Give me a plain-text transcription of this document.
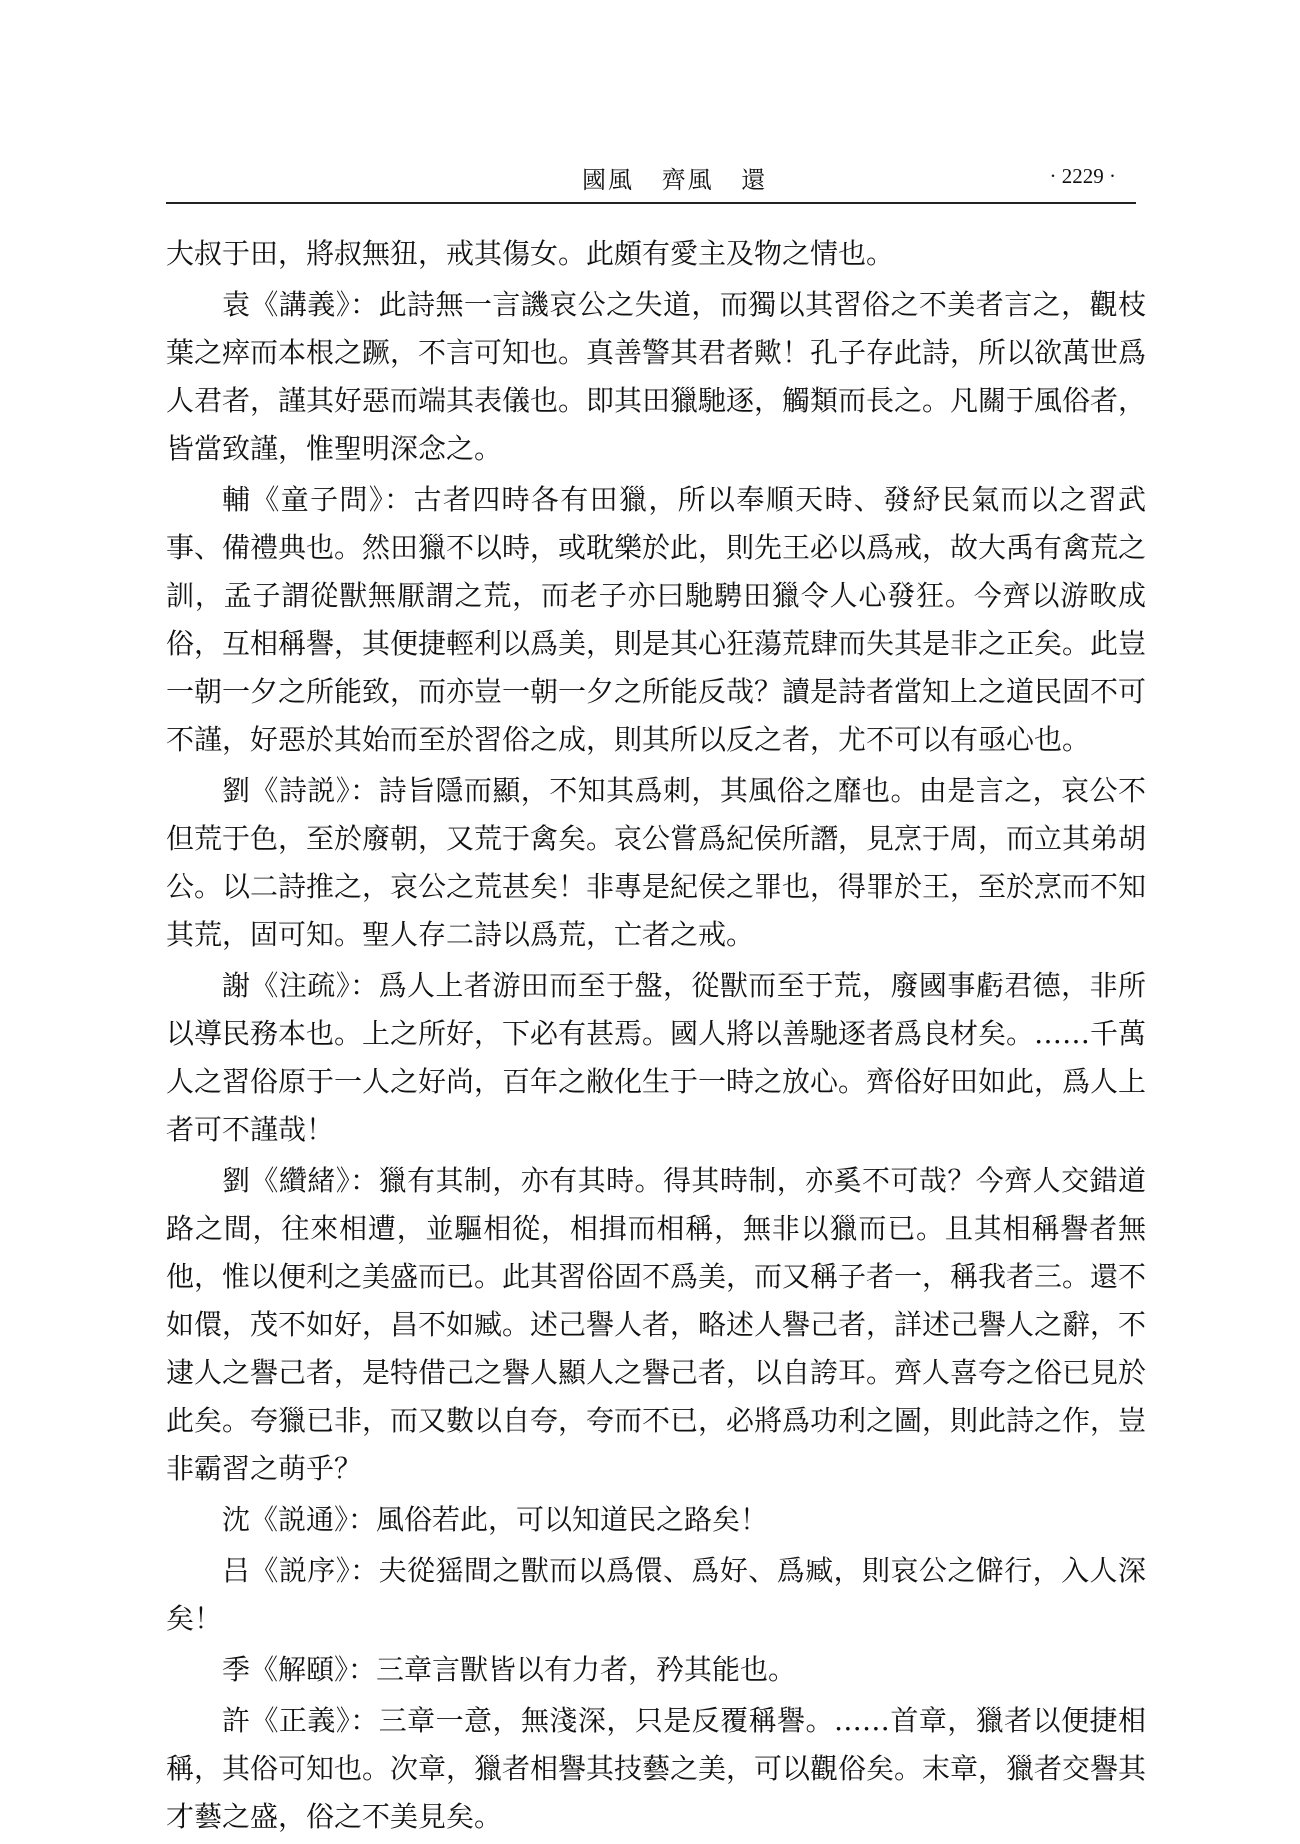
國風 齊風 還	· 2229 ·

大叔于田，將叔無狃，戒其傷女。此頗有愛主及物之情也。

袁《講義》：此詩無一言譏哀公之失道，而獨以其習俗之不美者言之，觀枝葉之瘁而本根之蹶，不言可知也。真善警其君者歟！孔子存此詩，所以欲萬世爲人君者，謹其好惡而端其表儀也。即其田獵馳逐，觸類而長之。凡關于風俗者，皆當致謹，惟聖明深念之。

輔《童子問》：古者四時各有田獵，所以奉順天時、發紓民氣而以之習武事、備禮典也。然田獵不以時，或耽樂於此，則先王必以爲戒，故大禹有禽荒之訓，孟子謂從獸無厭謂之荒，而老子亦曰馳騁田獵令人心發狂。今齊以游畋成俗，互相稱譽，其便捷輕利以爲美，則是其心狂蕩荒肆而失其是非之正矣。此豈一朝一夕之所能致，而亦豈一朝一夕之所能反哉？讀是詩者當知上之道民固不可不謹，好惡於其始而至於習俗之成，則其所以反之者，尤不可以有亟心也。

劉《詩説》：詩旨隱而顯，不知其爲刺，其風俗之靡也。由是言之，哀公不但荒于色，至於廢朝，又荒于禽矣。哀公嘗爲紀侯所譖，見烹于周，而立其弟胡公。以二詩推之，哀公之荒甚矣！非專是紀侯之罪也，得罪於王，至於烹而不知其荒，固可知。聖人存二詩以爲荒，亡者之戒。

謝《注疏》：爲人上者游田而至于盤，從獸而至于荒，廢國事虧君德，非所以導民務本也。上之所好，下必有甚焉。國人將以善馳逐者爲良材矣。……千萬人之習俗原于一人之好尚，百年之敝化生于一時之放心。齊俗好田如此，爲人上者可不謹哉！

劉《纘緒》：獵有其制，亦有其時。得其時制，亦奚不可哉？今齊人交錯道路之間，往來相遭，並驅相從，相揖而相稱，無非以獵而已。且其相稱譽者無他，惟以便利之美盛而已。此其習俗固不爲美，而又稱子者一，稱我者三。還不如儇，茂不如好，昌不如臧。述己譽人者，略述人譽己者，詳述己譽人之辭，不逮人之譽己者，是特借己之譽人顯人之譽己者，以自誇耳。齊人喜夸之俗已見於此矣。夸獵已非，而又數以自夸，夸而不已，必將爲功利之圖，則此詩之作，豈非霸習之萌乎？

沈《説通》：風俗若此，可以知道民之路矣！

吕《説序》：夫從猺間之獸而以爲儇、爲好、爲臧，則哀公之僻行，入人深矣！

季《解頤》：三章言獸皆以有力者，矜其能也。

許《正義》：三章一意，無淺深，只是反覆稱譽。……首章，獵者以便捷相稱，其俗可知也。次章，獵者相譽其技藝之美，可以觀俗矣。末章，獵者交譽其才藝之盛，俗之不美見矣。
